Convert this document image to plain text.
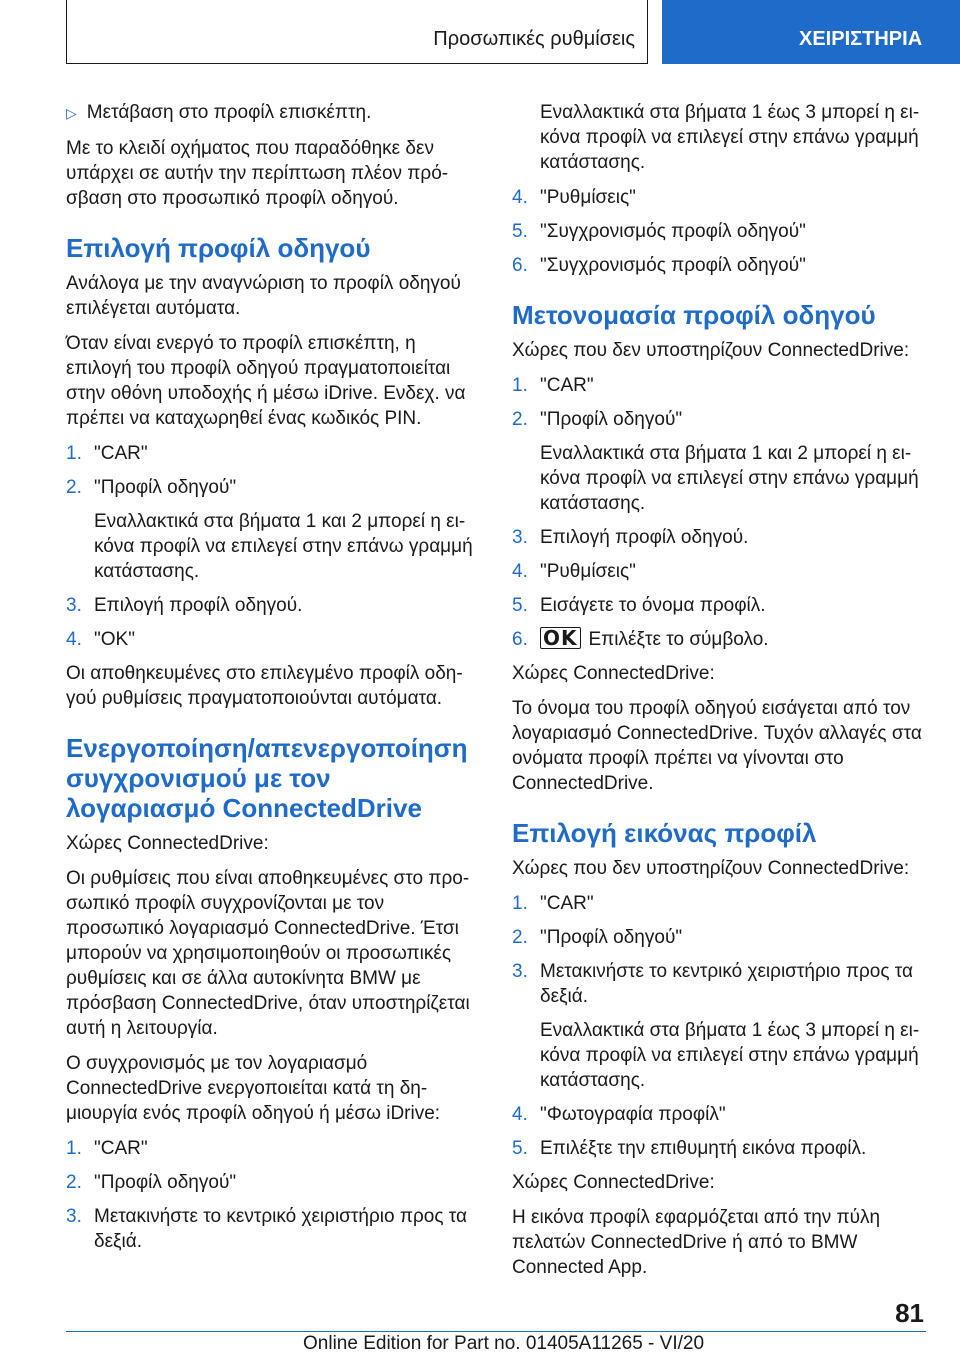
Προσωπικές ρυθμίσεις	ΧΕΙΡΙΣΤΗΡΙΑ

▷ Μετάβαση στο προφίλ επισκέπτη.

Με το κλειδί οχήματος που παραδόθηκε δεν υπάρχει σε αυτήν την περίπτωση πλέον πρόσβαση στο προσωπικό προφίλ οδηγού.

Επιλογή προφίλ οδηγού

Ανάλογα με την αναγνώριση το προφίλ οδηγού επιλέγεται αυτόματα.

Όταν είναι ενεργό το προφίλ επισκέπτη, η επιλογή του προφίλ οδηγού πραγματοποιείται στην οθόνη υποδοχής ή μέσω iDrive. Ενδεχ. να πρέπει να καταχωρηθεί ένας κωδικός PIN.

1. "CAR"
2. "Προφίλ οδηγού"
Εναλλακτικά στα βήματα 1 και 2 μπορεί η εικόνα προφίλ να επιλεγεί στην επάνω γραμμή κατάστασης.
3. Επιλογή προφίλ οδηγού.
4. "OK"

Οι αποθηκευμένες στο επιλεγμένο προφίλ οδηγού ρυθμίσεις πραγματοποιούνται αυτόματα.

Ενεργοποίηση/απενεργοποίηση συγχρονισμού με τον λογαριασμό ConnectedDrive

Χώρες ConnectedDrive:

Οι ρυθμίσεις που είναι αποθηκευμένες στο προσωπικό προφίλ συγχρονίζονται με τον προσωπικό λογαριασμό ConnectedDrive. Έτσι μπορούν να χρησιμοποιηθούν οι προσωπικές ρυθμίσεις και σε άλλα αυτοκίνητα BMW με πρόσβαση ConnectedDrive, όταν υποστηρίζεται αυτή η λειτουργία.

Ο συγχρονισμός με τον λογαριασμό ConnectedDrive ενεργοποιείται κατά τη δημιουργία ενός προφίλ οδηγού ή μέσω iDrive:

1. "CAR"
2. "Προφίλ οδηγού"
3. Μετακινήστε το κεντρικό χειριστήριο προς τα δεξιά.

Εναλλακτικά στα βήματα 1 έως 3 μπορεί η εικόνα προφίλ να επιλεγεί στην επάνω γραμμή κατάστασης.

4. "Ρυθμίσεις"
5. "Συγχρονισμός προφίλ οδηγού"
6. "Συγχρονισμός προφίλ οδηγού"
Μετονομασία προφίλ οδηγού

Χώρες που δεν υποστηρίζουν ConnectedDrive:

1. "CAR"
2. "Προφίλ οδηγού"
Εναλλακτικά στα βήματα 1 και 2 μπορεί η εικόνα προφίλ να επιλεγεί στην επάνω γραμμή κατάστασης.
3. Επιλογή προφίλ οδηγού.
4. "Ρυθμίσεις"
5. Εισάγετε το όνομα προφίλ.
6. OK Επιλέξτε το σύμβολο.

Χώρες ConnectedDrive:

Το όνομα του προφίλ οδηγού εισάγεται από τον λογαριασμό ConnectedDrive. Τυχόν αλλαγές στα ονόματα προφίλ πρέπει να γίνονται στο ConnectedDrive.

Επιλογή εικόνας προφίλ

Χώρες που δεν υποστηρίζουν ConnectedDrive:

1. "CAR"
2. "Προφίλ οδηγού"
3. Μετακινήστε το κεντρικό χειριστήριο προς τα δεξιά.
Εναλλακτικά στα βήματα 1 έως 3 μπορεί η εικόνα προφίλ να επιλεγεί στην επάνω γραμμή κατάστασης.
4. "Φωτογραφία προφίλ"
5. Επιλέξτε την επιθυμητή εικόνα προφίλ.

Χώρες ConnectedDrive:

Η εικόνα προφίλ εφαρμόζεται από την πύλη πελατών ConnectedDrive ή από το BMW Connected App.

81
Online Edition for Part no. 01405A11265 - VI/20
